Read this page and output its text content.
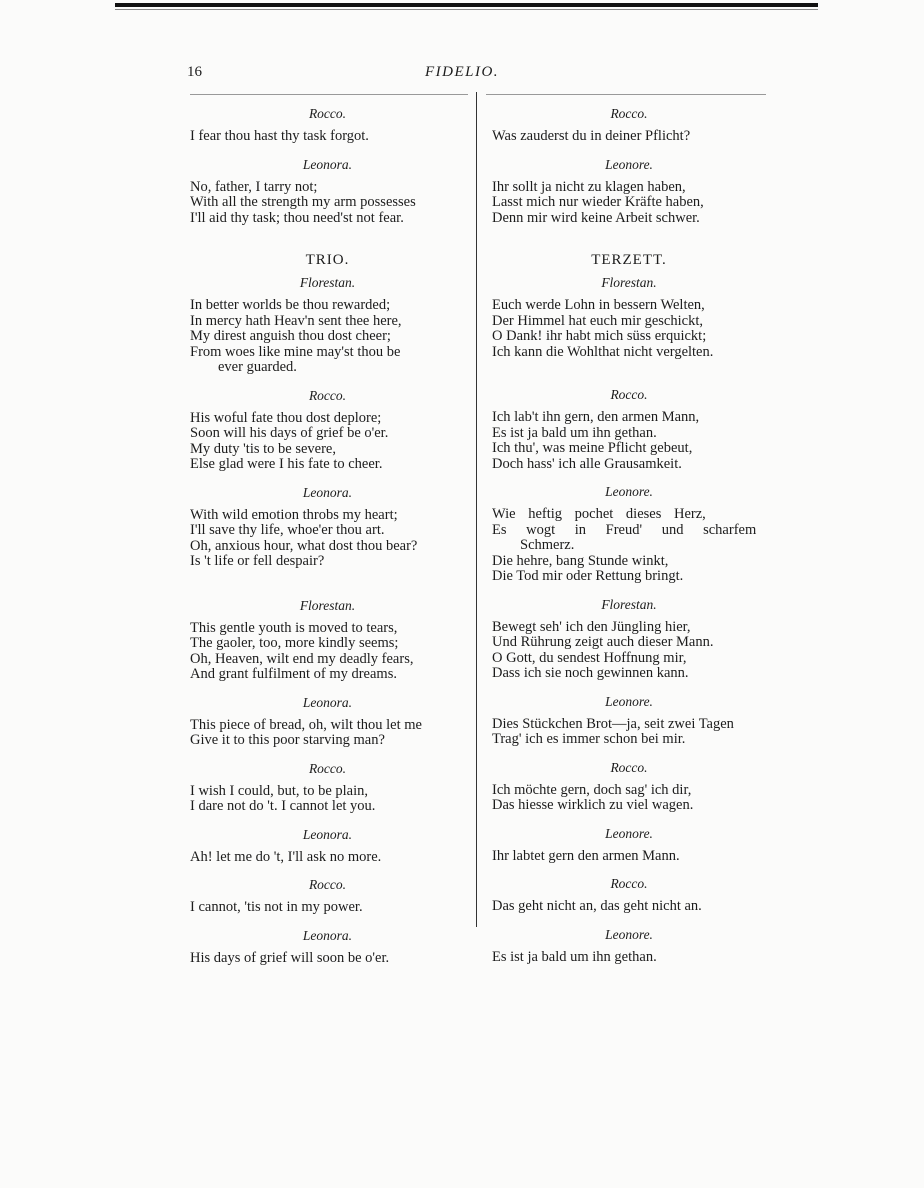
16	FIDELIO.
Rocco.

I fear thou hast thy task forgot.

Leonora.

No, father, I tarry not;
With all the strength my arm possesses
I'll aid thy task; thou need'st not fear.

TRIO.
Florestan.

In better worlds be thou rewarded;
In mercy hath Heav'n sent thee here,
My direst anguish thou dost cheer;
From woes like mine may'st thou be
ever guarded.

Rocco.

His woful fate thou dost deplore;
Soon will his days of grief be o'er.
My duty 'tis to be severe,
Else glad were I his fate to cheer.

Leonora.

With wild emotion throbs my heart;
I'll save thy life, whoe'er thou art.
Oh, anxious hour, what dost thou bear?
Is 't life or fell despair?

Florestan.

This gentle youth is moved to tears,
The gaoler, too, more kindly seems;
Oh, Heaven, wilt end my deadly fears,
And grant fulfilment of my dreams.

Leonora.

This piece of bread, oh, wilt thou let me
Give it to this poor starving man?

Rocco.

I wish I could, but, to be plain,
I dare not do 't. I cannot let you.

Leonora.

Ah! let me do 't, I'll ask no more.

Rocco.

I cannot, 'tis not in my power.

Leonora.

His days of grief will soon be o'er.

Rocco.

Was zauderst du in deiner Pflicht?

Leonore.

Ihr sollt ja nicht zu klagen haben,
Lasst mich nur wieder Kräfte haben,
Denn mir wird keine Arbeit schwer.

TERZETT.
Florestan.

Euch werde Lohn in bessern Welten,
Der Himmel hat euch mir geschickt,
O Dank! ihr habt mich süss erquickt;
Ich kann die Wohlthat nicht vergelten.

Rocco.

Ich lab't ihn gern, den armen Mann,
Es ist ja bald um ihn gethan.
Ich thu', was meine Pflicht gebeut,
Doch hass' ich alle Grausamkeit.

Leonore.

Wie heftig pochet dieses Herz,
Es wogt in Freud' und scharfem
Schmerz.
Die hehre, bang Stunde winkt,
Die Tod mir oder Rettung bringt.

Florestan.

Bewegt seh' ich den Jüngling hier,
Und Rührung zeigt auch dieser Mann.
O Gott, du sendest Hoffnung mir,
Dass ich sie noch gewinnen kann.

Leonore.

Dies Stückchen Brot—ja, seit zwei Tagen
Trag' ich es immer schon bei mir.

Rocco.

Ich möchte gern, doch sag' ich dir,
Das hiesse wirklich zu viel wagen.

Leonore.

Ihr labtet gern den armen Mann.

Rocco.

Das geht nicht an, das geht nicht an.

Leonore.

Es ist ja bald um ihn gethan.
